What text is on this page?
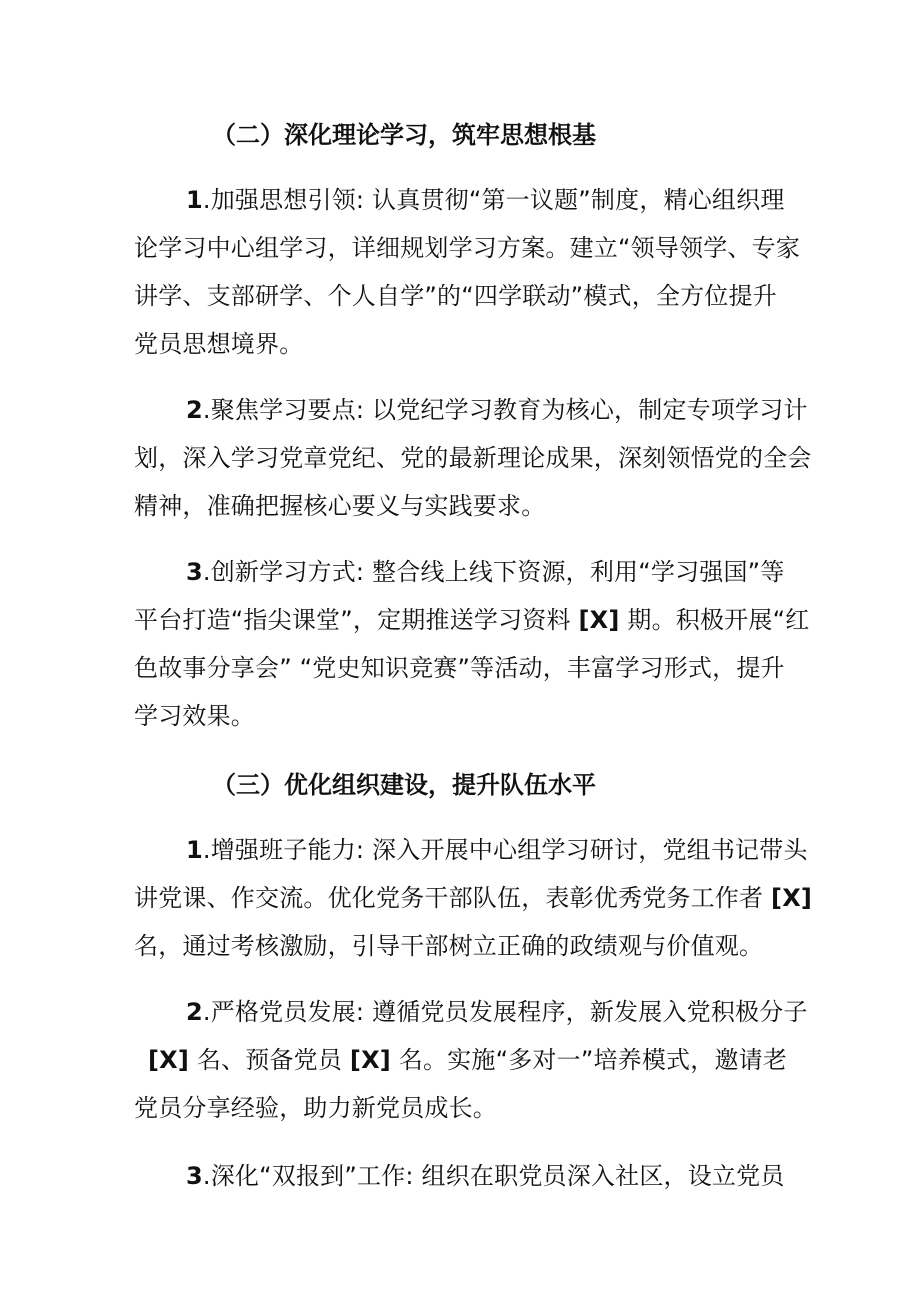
（二）深化理论学习，筑牢思想根基

1.加强思想引领: 认真贯彻“第一议题”制度，精心组织理
论学习中心组学习，详细规划学习方案。建立“领导领学、专家
讲学、支部研学、个人自学”的“四学联动”模式，全方位提升
党员思想境界。

2.聚焦学习要点: 以党纪学习教育为核心，制定专项学习计
划，深入学习党章党纪、党的最新理论成果，深刻领悟党的全会
精神，准确把握核心要义与实践要求。

3.创新学习方式: 整合线上线下资源，利用“学习强国”等
平台打造“指尖课堂”，定期推送学习资料 [X] 期。积极开展“红
色故事分享会” “党史知识竞赛”等活动，丰富学习形式，提升
学习效果。

（三）优化组织建设，提升队伍水平

1.增强班子能力: 深入开展中心组学习研讨，党组书记带头
讲党课、作交流。优化党务干部队伍，表彰优秀党务工作者 [X]
名，通过考核激励，引导干部树立正确的政绩观与价值观。

2.严格党员发展: 遵循党员发展程序，新发展入党积极分子
[X] 名、预备党员 [X] 名。实施“多对一”培养模式，邀请老
党员分享经验，助力新党员成长。

3.深化“双报到”工作: 组织在职党员深入社区，设立党员
